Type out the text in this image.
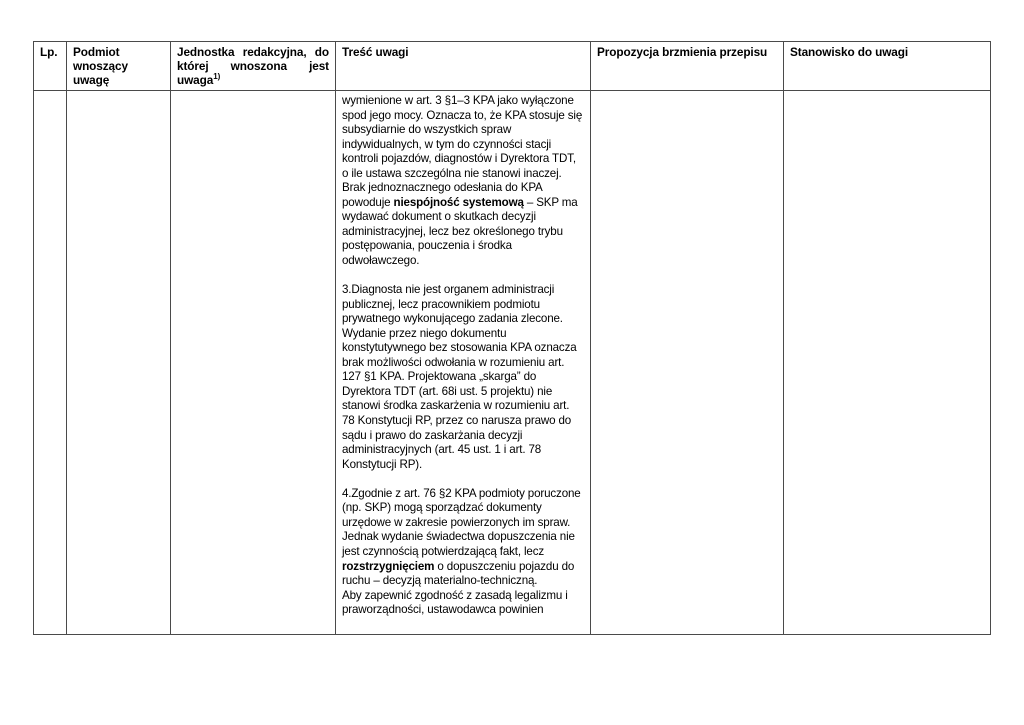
Lp.	Podmiot wnoszący uwagę	Jednostka redakcyjna, do której wnoszona jest uwaga$^{1)}$	Treść uwagi	Propozycja brzmienia przepisu	Stanowisko do uwagi

			wymienione w art. 3 §1–3 KPA jako wyłączone spod jego mocy. Oznacza to, że KPA stosuje się subsydiarnie do wszystkich spraw indywidualnych, w tym do czynności stacji kontroli pojazdów, diagnostów i Dyrektora TDT, o ile ustawa szczególna nie stanowi inaczej. Brak jednoznacznego odesłania do KPA powoduje niespójność systemową – SKP ma wydawać dokument o skutkach decyzji administracyjnej, lecz bez określonego trybu postępowania, pouczenia i środka odwoławczego.

3.Diagnosta nie jest organem administracji publicznej, lecz pracownikiem podmiotu prywatnego wykonującego zadania zlecone. Wydanie przez niego dokumentu konstytutywnego bez stosowania KPA oznacza brak możliwości odwołania w rozumieniu art. 127 §1 KPA. Projektowana „skarga” do Dyrektora TDT (art. 68i ust. 5 projektu) nie stanowi środka zaskarżenia w rozumieniu art. 78 Konstytucji RP, przez co narusza prawo do sądu i prawo do zaskarżania decyzji administracyjnych (art. 45 ust. 1 i art. 78 Konstytucji RP).

4.Zgodnie z art. 76 §2 KPA podmioty poruczone (np. SKP) mogą sporządzać dokumenty urzędowe w zakresie powierzonych im spraw. Jednak wydanie świadectwa dopuszczenia nie jest czynnością potwierdzającą fakt, lecz rozstrzygnięciem o dopuszczeniu pojazdu do ruchu – decyzją materialno-techniczną.

Aby zapewnić zgodność z zasadą legalizmu i praworządności, ustawodawca powinien		
